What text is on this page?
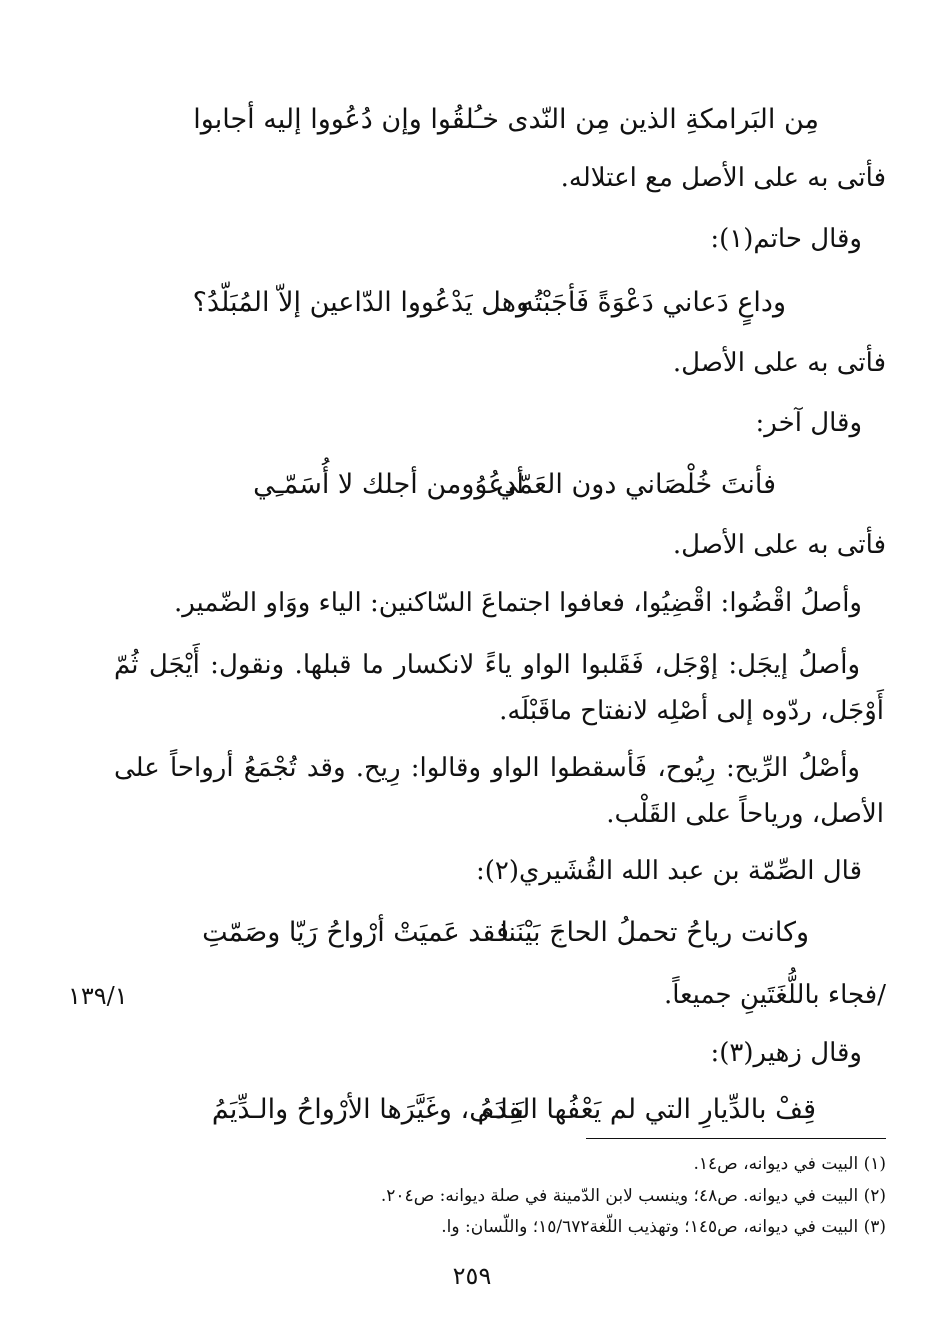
مِن البَرامكةِ الذين مِن النّدى
خـُلقُوا وإن دُعُووا إليه أجابوا
فأتى به على الأصل مع اعتلاله.
وقال حاتم(١):
وداعٍ دَعاني دَعْوَةً فَأجَبْتُه
وهل يَدْعُووا الدّاعين إلاّ المُبَلّدُ؟
فأتى به على الأصل.
وقال آخر:
فأنتَ خُلْصَاني دون العَمّي
أدعُوُومن أجلك لا أُسَمّـِي
فأتى به على الأصل.
وأصلُ اقْضُوا: اقْضِيُوا، فعافوا اجتماعَ السّاكنين: الياء ووَاو الضّمير.
وأصلُ إيجَل: إوْجَل، فَقَلبوا الواو ياءً لانكسار ما قبلها. ونقول: أَيْجَل ثُمّ أَوْجَل، ردّوه إلى أصْلِه لانفتاح ماقَبْلَه.
وأصْلُ الرِّيح: رِيُوح، فَأسقطوا الواو وقالوا: رِيح. وقد تُجْمَعُ أرواحاً على الأصل، ورياحاً على القَلْب.
قال الصِّمّة بن عبد الله القُشَيري(٢):
وكانت رياحُ تحملُ الحاجَ بَيْنَنا
فقد عَميَتْ أرْواحُ رَيّا وصَمّتِ
/فجاء باللُّغَتَينِ جميعاً.
١٣٩/١
وقال زهير(٣):
قِفْ بالدِّيارِ التي لم يَعْفُها القِدَمُ
بَـلـى، وغَيَّرَها الأرْواحُ والـدِّيَمُ
(١) البيت في ديوانه، ص١٤.
(٢) البيت في ديوانه. ص٤٨؛ وينسب لابن الدّمينة في صلة ديوانه: ص٢٠٤.
(٣) البيت في ديوانه، ص١٤٥؛ وتهذيب اللّغة١٥/٦٧٢؛ واللّسان: وا.
٢٥٩
